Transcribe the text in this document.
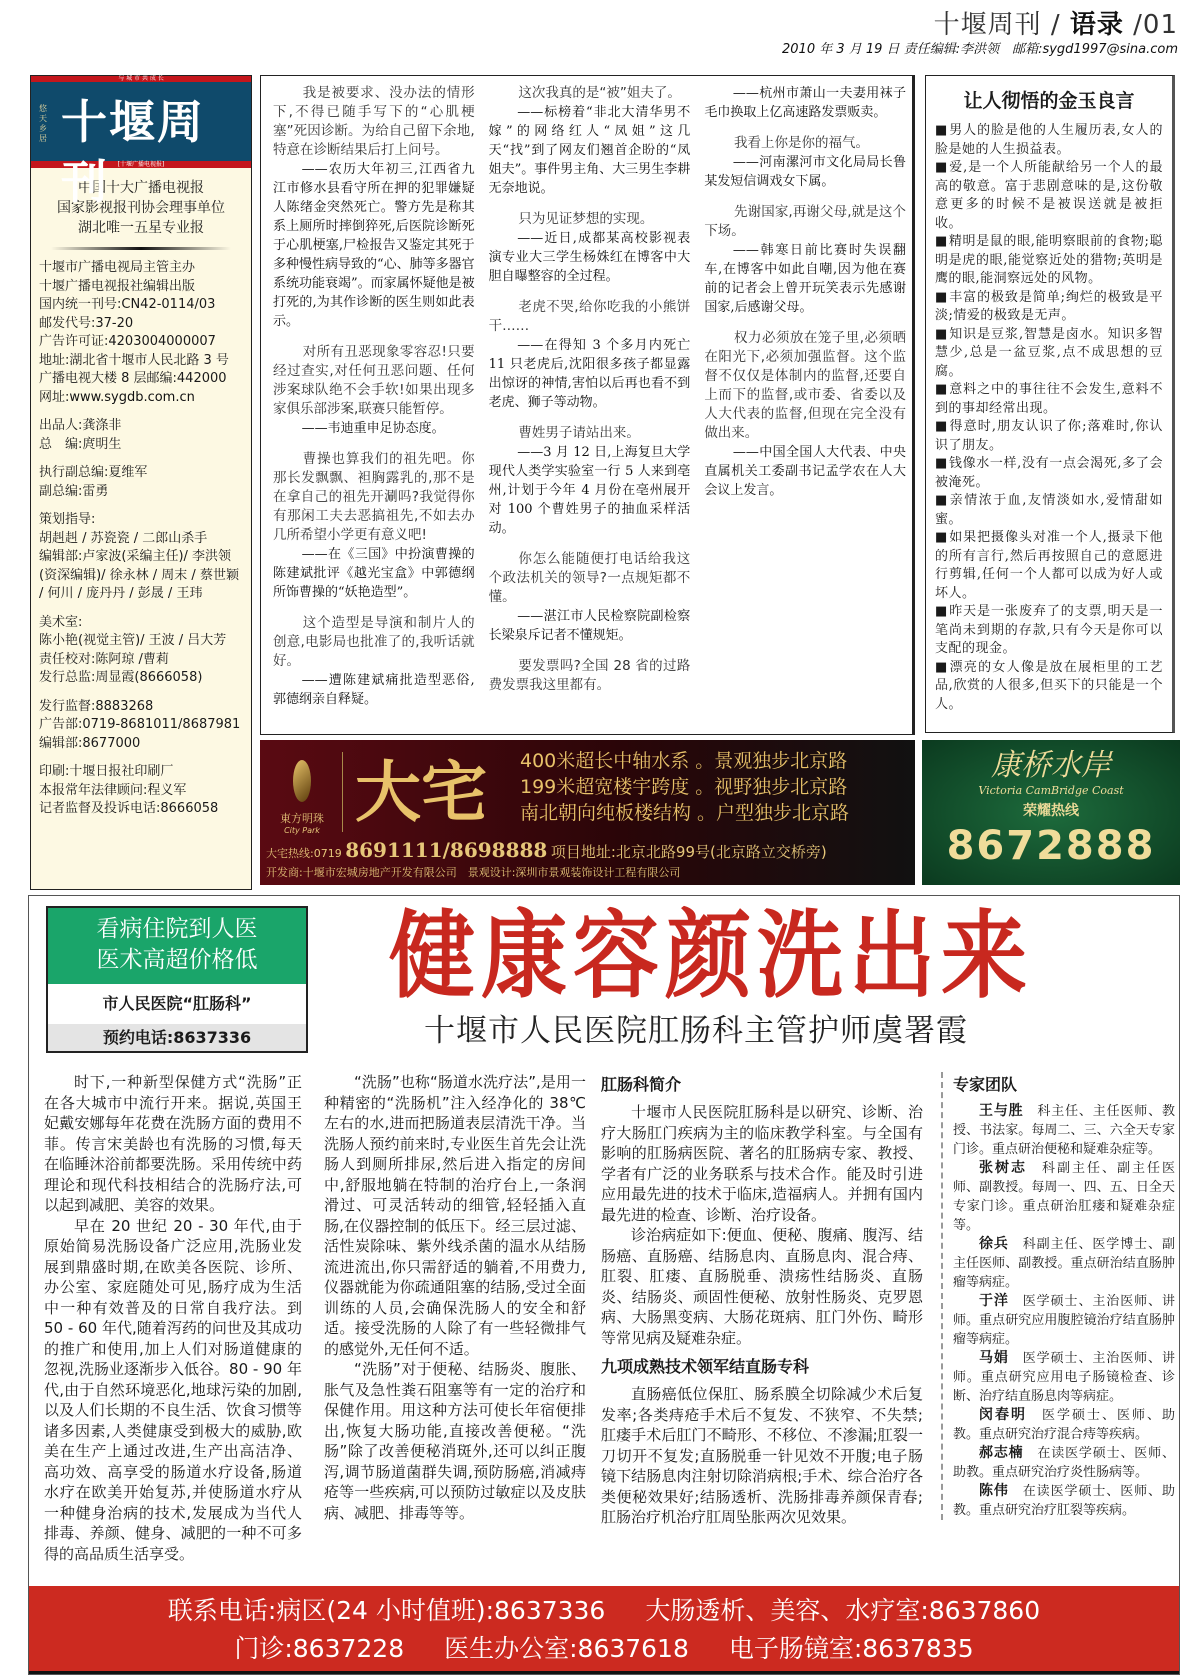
十堰周刊 / 语录 /01
2010 年 3 月 19 日 责任编辑:李洪领　邮箱:sygd1997@sina.com
与 城 市 共 成 长
悠天乡居 十堰周刊	[十堰广播电视报]
中国十大广播电视报
国家影视报刊协会理事单位
湖北唯一五星专业报
十堰市广播电视局主管主办
十堰广播电视报社编辑出版
国内统一刊号:CN42-0114/03
邮发代号:37-20
广告许可证:4203004000007
地址:湖北省十堰市人民北路 3 号
广播电视大楼 8 层邮编:442000
网址:www.sygdb.com.cn
出品人:龚涤非
总　编:庹明生
执行副总编:夏维军
副总编:雷勇
策划指导:
胡赳赳 / 苏瓷瓷 / 二郎山杀手
编辑部:卢家波(采编主任)/ 李洪领 (资深编辑)/ 徐永林 / 周末 / 蔡世颖 / 何川 / 庞丹丹 / 彭晟 / 王玮
美术室:
陈小艳(视觉主管)/ 王波 / 吕大芳
责任校对:陈阿琼 /曹莉
发行总监:周显霞(8666058)
发行监督:8883268
广告部:0719-8681011/8687981
编辑部:8677000
印刷:十堰日报社印刷厂
本报常年法律顾问:程义军
记者监督及投诉电话:8666058

我是被要求、没办法的情形下,不得已随手写下的“心肌梗塞”死因诊断。为给自己留下余地,特意在诊断结果后打上问号。

——农历大年初三,江西省九江市修水县看守所在押的犯罪嫌疑人陈绪金突然死亡。警方先是称其系上厕所时摔倒猝死,后医院诊断死于心肌梗塞,尸检报告又鉴定其死于多种慢性病导致的“心、肺等多器官系统功能衰竭”。而家属怀疑他是被打死的,为其作诊断的医生则如此表示。

对所有丑恶现象零容忍!只要经过查实,对任何丑恶问题、任何涉案球队绝不会手软!如果出现多家俱乐部涉案,联赛只能暂停。

——韦迪重申足协态度。

曹操也算我们的祖先吧。你那长发飘飘、袒胸露乳的,那不是在拿自己的祖先开涮吗?我觉得你有那闲工夫去恶搞祖先,不如去办几所希望小学更有意义吧!

——在《三国》中扮演曹操的陈建斌批评《越光宝盒》中郭德纲所饰曹操的“妖艳造型”。

这个造型是导演和制片人的创意,电影局也批准了的,我听话就好。

——遭陈建斌痛批造型恶俗,郭德纲亲自释疑。

这次我真的是“被”姐夫了。

——标榜着“非北大清华男不嫁”的网络红人“凤姐”这几天“找”到了网友们翘首企盼的“凤姐夫”。事件男主角、大三男生李耕无奈地说。

只为见证梦想的实现。

——近日,成都某高校影视表演专业大三学生杨姝红在博客中大胆自曝整容的全过程。

老虎不哭,给你吃我的小熊饼干……

——在得知 3 个多月内死亡 11 只老虎后,沈阳很多孩子都显露出惊讶的神情,害怕以后再也看不到老虎、狮子等动物。

曹姓男子请站出来。

——3 月 12 日,上海复旦大学现代人类学实验室一行 5 人来到亳州,计划于今年 4 月份在亳州展开对 100 个曹姓男子的抽血采样活动。

你怎么能随便打电话给我这个政法机关的领导?一点规矩都不懂。

——湛江市人民检察院副检察长梁泉斥记者不懂规矩。

要发票吗?全国 28 省的过路费发票我这里都有。

——杭州市萧山一夫妻用袜子毛巾换取上亿高速路发票贩卖。

我看上你是你的福气。

——河南漯河市文化局局长鲁某发短信调戏女下属。

先谢国家,再谢父母,就是这个下场。

——韩寒日前比赛时失误翻车,在博客中如此自嘲,因为他在赛前的记者会上曾开玩笑表示先感谢国家,后感谢父母。

权力必须放在笼子里,必须晒在阳光下,必须加强监督。这个监督不仅仅是体制内的监督,还要自上而下的监督,或市委、省委以及人大代表的监督,但现在完全没有做出来。

——中国全国人大代表、中央直属机关工委副书记孟学农在人大会议上发言。

让人彻悟的金玉良言

■ 男人的脸是他的人生履历表,女人的脸是她的人生损益表。

■ 爱,是一个人所能献给另一个人的最高的敬意。富于悲剧意味的是,这份敬意更多的时候不是被误送就是被拒收。

■ 精明是鼠的眼,能明察眼前的食物;聪明是虎的眼,能觉察近处的猎物;英明是鹰的眼,能洞察远处的风物。

■ 丰富的极致是简单;绚烂的极致是平淡;情爱的极致是无声。

■ 知识是豆浆,智慧是卤水。知识多智慧少,总是一盆豆浆,点不成思想的豆腐。

■ 意料之中的事往往不会发生,意料不到的事却经常出现。

■ 得意时,朋友认识了你;落难时,你认识了朋友。

■ 钱像水一样,没有一点会渴死,多了会被淹死。

■ 亲情浓于血,友情淡如水,爱情甜如蜜。

■ 如果把摄像头对准一个人,摄录下他的所有言行,然后再按照自己的意愿进行剪辑,任何一个人都可以成为好人或坏人。

■ 昨天是一张废弃了的支票,明天是一笔尚未到期的存款,只有今天是你可以支配的现金。

■ 漂亮的女人像是放在展柜里的工艺品,欣赏的人很多,但买下的只能是一个人。

東方明珠
City Park 大宅 400米超长中轴水系 。景观独步北京路
199米超宽楼宇跨度 。视野独步北京路
南北朝向纯板楼结构 。户型独步北京路
大宅热线:0719 8691111/8698888 项目地址:北京北路99号(北京路立交桥旁)
开发商:十堰市宏城房地产开发有限公司　景观设计:深圳市景观装饰设计工程有限公司
康桥水岸
Victoria CamBridge Coast
荣耀热线
8672888
看病住院到人医
医术高超价格低
市人民医院“肛肠科”
预约电话:8637336
健康容颜洗出来
十堰市人民医院肛肠科主管护师虞署霞

时下,一种新型保健方式“洗肠”正在各大城市中流行开来。据说,英国王妃戴安娜每年花费在洗肠方面的费用不菲。传言宋美龄也有洗肠的习惯,每天在临睡沐浴前都要洗肠。采用传统中药理论和现代科技相结合的洗肠疗法,可以起到减肥、美容的效果。

早在 20 世纪 20 - 30 年代,由于原始简易洗肠设备广泛应用,洗肠业发展到鼎盛时期,在欧美各医院、诊所、办公室、家庭随处可见,肠疗成为生活中一种有效普及的日常自我疗法。到 50 - 60 年代,随着泻药的问世及其成功的推广和使用,加上人们对肠道健康的忽视,洗肠业逐渐步入低谷。80 - 90 年代,由于自然环境恶化,地球污染的加剧,以及人们长期的不良生活、饮食习惯等诸多因素,人类健康受到极大的威胁,欧美在生产上通过改进,生产出高洁净、高功效、高享受的肠道水疗设备,肠道水疗在欧美开始复苏,并使肠道水疗从一种健身治病的技术,发展成为当代人排毒、养颜、健身、减肥的一种不可多得的高品质生活享受。

“洗肠”也称“肠道水洗疗法”,是用一种精密的“洗肠机”注入经净化的 38℃左右的水,进而把肠道表层清洗干净。当洗肠人预约前来时,专业医生首先会让洗肠人到厕所排尿,然后进入指定的房间中,舒服地躺在特制的治疗台上,一条润滑过、可灵活转动的细管,轻轻插入直肠,在仪器控制的低压下。经三层过滤、活性炭除味、紫外线杀菌的温水从结肠流进流出,你只需舒适的躺着,不用费力,仪器就能为你疏通阻塞的结肠,受过全面训练的人员,会确保洗肠人的安全和舒适。接受洗肠的人除了有一些轻微排气的感觉外,无任何不适。

“洗肠”对于便秘、结肠炎、腹胀、胀气及急性粪石阻塞等有一定的治疗和保健作用。用这种方法可使长年宿便排出,恢复大肠功能,直接改善便秘。“洗肠”除了改善便秘消斑外,还可以纠正腹泻,调节肠道菌群失调,预防肠癌,消减痔疮等一些疾病,可以预防过敏症以及皮肤病、减肥、排毒等等。

肛肠科简介

十堰市人民医院肛肠科是以研究、诊断、治疗大肠肛门疾病为主的临床教学科室。与全国有影响的肛肠病医院、著名的肛肠病专家、教授、学者有广泛的业务联系与技术合作。能及时引进应用最先进的技术于临床,造福病人。并拥有国内最先进的检查、诊断、治疗设备。

诊治病症如下:便血、便秘、腹痛、腹泻、结肠癌、直肠癌、结肠息肉、直肠息肉、混合痔、肛裂、肛瘘、直肠脱垂、溃疡性结肠炎、直肠炎、结肠炎、顽固性便秘、放射性肠炎、克罗恩病、大肠黑变病、大肠花斑病、肛门外伤、畸形等常见病及疑难杂症。

九项成熟技术领军结直肠专科

直肠癌低位保肛、肠系膜全切除减少术后复发率;各类痔疮手术后不复发、不狭窄、不失禁;肛瘘手术后肛门不畸形、不移位、不渗漏;肛裂一刀切开不复发;直肠脱垂一针见效不开腹;电子肠镜下结肠息肉注射切除消病根;手术、综合治疗各类便秘效果好;结肠透析、洗肠排毒养颜保青春;肛肠治疗机治疗肛周坠胀两次见效果。

专家团队

王与胜　 科主任、主任医师、教授、书法家。每周二、三、六全天专家门诊。重点研治便秘和疑难杂症等。

张树志　 科副主任、副主任医师、副教授。每周一、四、五、日全天专家门诊。重点研治肛瘘和疑难杂症等。

徐兵　 科副主任、医学博士、副主任医师、副教授。重点研治结直肠肿瘤等病症。

于洋　 医学硕士、主治医师、讲师。重点研究应用腹腔镜治疗结直肠肿瘤等病症。

马娟　 医学硕士、主治医师、讲师。重点研究应用电子肠镜检查、诊断、治疗结直肠息肉等病症。

闵春明　 医学硕士、医师、助教。重点研究治疗混合痔等疾病。

郝志楠　 在读医学硕士、医师、助教。重点研究治疗炎性肠病等。

陈伟　 在读医学硕士、医师、助教。重点研究治疗肛裂等疾病。

联系电话:病区(24 小时值班):8637336 大肠透析、美容、水疗室:8637860
门诊:8637228 医生办公室:8637618 电子肠镜室:8637835
